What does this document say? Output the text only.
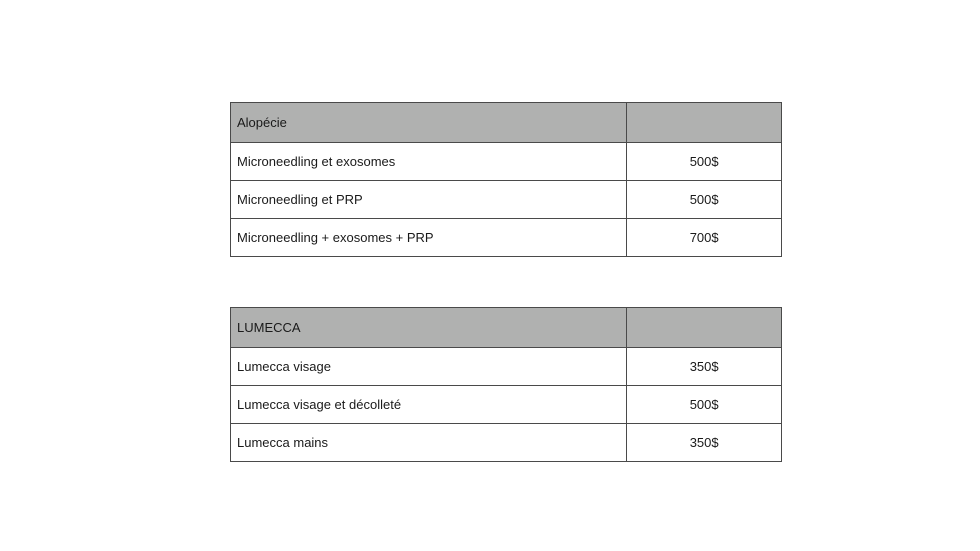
Alopécie	
Microneedling et exosomes	500$
Microneedling et PRP	500$
Microneedling + exosomes + PRP	700$
LUMECCA	
Lumecca visage	350$
Lumecca visage et décolleté	500$
Lumecca mains	350$
